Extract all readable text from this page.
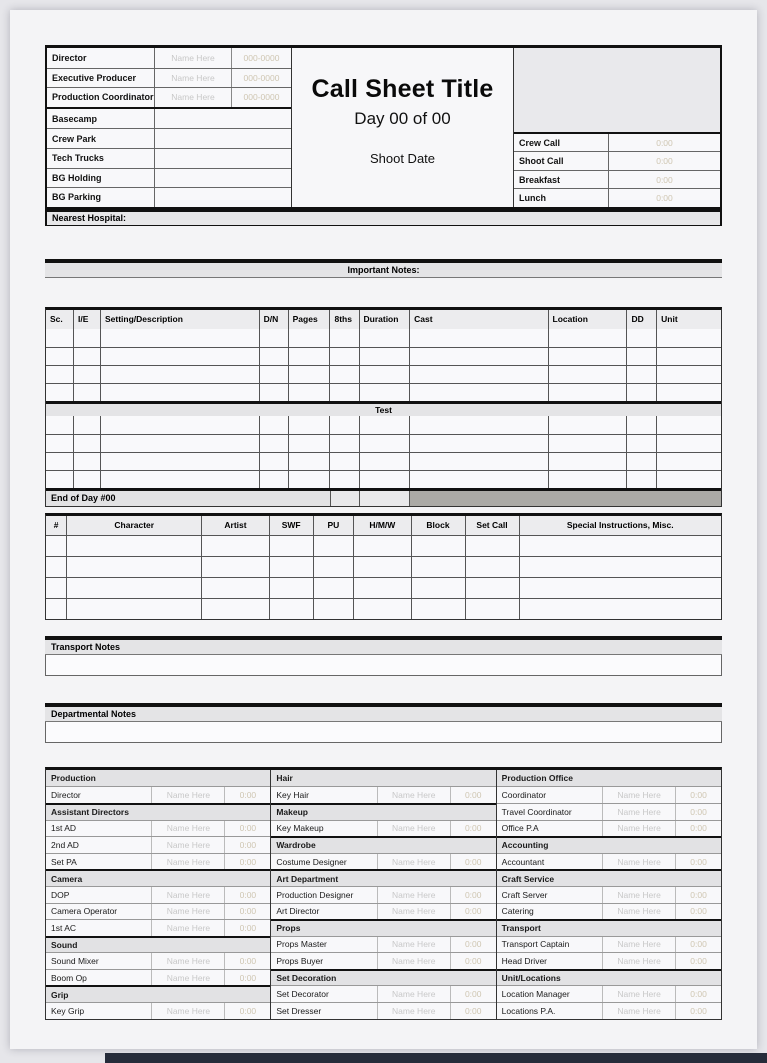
Director	Name Here	000-0000
Executive Producer	Name Here	000-0000
Production Coordinator	Name Here	000-0000
Basecamp
Crew Park
Tech Trucks
BG Holding
BG Parking
Call Sheet Title
Day 00 of 00
Shoot Date
Crew Call	0:00
Shoot Call	0:00
Breakfast	0:00
Lunch	0:00
Nearest Hospital:
Important Notes:
Sc.	I/E	Setting/Description	D/N	Pages	8ths	Duration	Cast	Location	DD	Unit
Test
End of Day #00
#	Character	Artist	SWF	PU	H/M/W	Block	Set Call	Special Instructions, Misc.
Transport Notes
Departmental Notes
Production
Director	Name Here	0:00
Assistant Directors
1st AD	Name Here	0:00
2nd AD	Name Here	0:00
Set PA	Name Here	0:00
Camera
DOP	Name Here	0:00
Camera Operator	Name Here	0:00
1st AC	Name Here	0:00
Sound
Sound Mixer	Name Here	0:00
Boom Op	Name Here	0:00
Grip
Key Grip	Name Here	0:00
Hair
Key Hair	Name Here	0:00
Makeup
Key Makeup	Name Here	0:00
Wardrobe
Costume Designer	Name Here	0:00
Art Department
Production Designer	Name Here	0:00
Art Director	Name Here	0:00
Props
Props Master	Name Here	0:00
Props Buyer	Name Here	0:00
Set Decoration
Set Decorator	Name Here	0:00
Set Dresser	Name Here	0:00
Production Office
Coordinator	Name Here	0:00
Travel Coordinator	Name Here	0:00
Office P.A	Name Here	0:00
Accounting
Accountant	Name Here	0:00
Craft Service
Craft Server	Name Here	0:00
Catering	Name Here	0:00
Transport
Transport Captain	Name Here	0:00
Head Driver	Name Here	0:00
Unit/Locations
Location Manager	Name Here	0:00
Locations P.A.	Name Here	0:00
